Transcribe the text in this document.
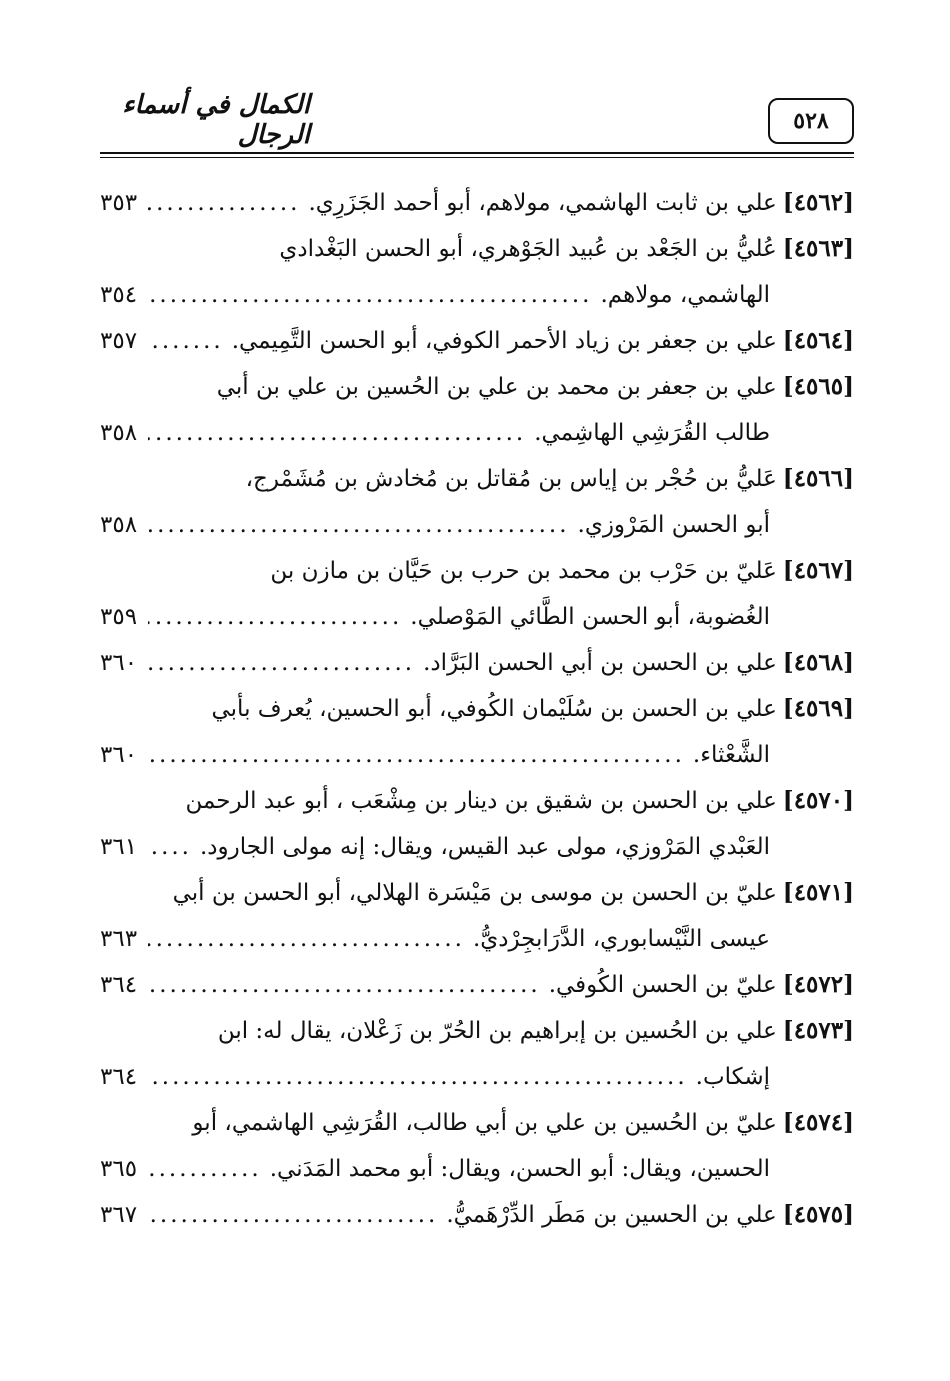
٥٢٨
الكمال في أسماء الرجال
[٤٥٦٢]
علي بن ثابت الهاشمي، مولاهم، أبو أحمد الجَزَرِي.
.....
٣٥٣
[٤٥٦٣]
عُليُّ بن الجَعْد بن عُبيد الجَوْهري، أبو الحسن البَغْدادي
الهاشمي، مولاهم.
.....
٣٥٤
[٤٥٦٤]
علي بن جعفر بن زياد الأحمر الكوفي، أبو الحسن التَّمِيمي.
.....
٣٥٧
[٤٥٦٥]
علي بن جعفر بن محمد بن علي بن الحُسين بن علي بن أبي
طالب القُرَشِي الهاشِمي.
.....
٣٥٨
[٤٥٦٦]
عَليُّ بن حُجْر بن إياس بن مُقاتل بن مُخادش بن مُشَمْرج،
أبو الحسن المَرْوزي.
.....
٣٥٨
[٤٥٦٧]
عَليّ بن حَرْب بن محمد بن حرب بن حَيَّان بن مازن بن
الغُضوبة، أبو الحسن الطَّائي المَوْصلي.
.....
٣٥٩
[٤٥٦٨]
علي بن الحسن بن أبي الحسن البَرَّاد.
.....
٣٦٠
[٤٥٦٩]
علي بن الحسن بن سُلَيْمان الكُوفي، أبو الحسين، يُعرف بأبي
الشَّعْثاء.
.....
٣٦٠
[٤٥٧٠]
علي بن الحسن بن شقيق بن دينار بن مِشْعَب ، أبو عبد الرحمن
العَبْدي المَرْوزي، مولى عبد القيس، ويقال: إنه مولى الجارود.
.....
٣٦١
[٤٥٧١]
عليّ بن الحسن بن موسى بن مَيْسَرة الهلالي، أبو الحسن بن أبي
عيسى النَّيْسابوري، الدَّرَابجِرْديُّ.
.....
٣٦٣
[٤٥٧٢]
عليّ بن الحسن الكُوفي.
.....
٣٦٤
[٤٥٧٣]
علي بن الحُسين بن إبراهيم بن الحُرّ بن زَعْلان، يقال له: ابن
إشكاب.
.....
٣٦٤
[٤٥٧٤]
عليّ بن الحُسين بن علي بن أبي طالب، القُرَشِي الهاشمي، أبو
الحسين، ويقال: أبو الحسن، ويقال: أبو محمد المَدَني.
.....
٣٦٥
[٤٥٧٥]
علي بن الحسين بن مَطَر الدِّرْهَميُّ.
.....
٣٦٧
